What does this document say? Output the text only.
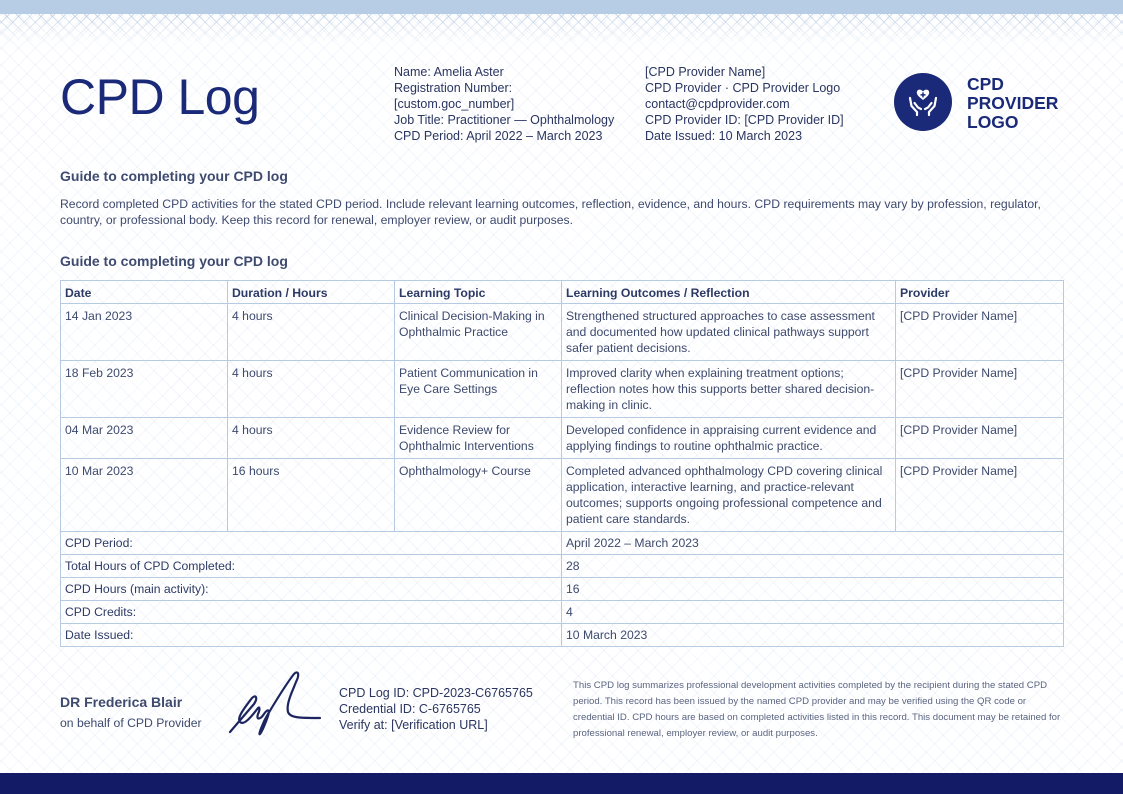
CPD Log	Name: Amelia Aster
Registration Number:
[custom.goc_number]
Job Title: Practitioner — Ophthalmology
CPD Period: April 2022 – March 2023
[CPD Provider Name]
CPD Provider · CPD Provider Logo
contact@cpdprovider.com
CPD Provider ID: [CPD Provider ID]
Date Issued: 10 March 2023
CPD
PROVIDER
LOGO
Guide to completing your CPD log
Record completed CPD activities for the stated CPD period. Include relevant learning outcomes, reflection, evidence, and hours. CPD requirements may vary by profession, regulator, country, or professional body. Keep this record for renewal, employer review, or audit purposes.
Guide to completing your CPD log
Date	Duration / Hours	Learning Topic	Learning Outcomes / Reflection	Provider
14 Jan 2023	4 hours	Clinical Decision-Making in Ophthalmic Practice	Strengthened structured approaches to case assessment and documented how updated clinical pathways support safer patient decisions.	[CPD Provider Name]
18 Feb 2023	4 hours	Patient Communication in Eye Care Settings	Improved clarity when explaining treatment options; reflection notes how this supports better shared decision-making in clinic.	[CPD Provider Name]
04 Mar 2023	4 hours	Evidence Review for Ophthalmic Interventions	Developed confidence in appraising current evidence and applying findings to routine ophthalmic practice.	[CPD Provider Name]
10 Mar 2023	16 hours	Ophthalmology+ Course	Completed advanced ophthalmology CPD covering clinical application, interactive learning, and practice-relevant outcomes; supports ongoing professional competence and patient care standards.	[CPD Provider Name]
CPD Period:			April 2022 – March 2023	
Total Hours of CPD Completed:			28	
CPD Hours (main activity):			16	
CPD Credits:			4	
Date Issued:			10 March 2023	
DR Frederica Blair
on behalf of CPD Provider
CPD Log ID: CPD-2023-C6765765
Credential ID: C-6765765
Verify at: [Verification URL]
This CPD log summarizes professional development activities completed by the recipient during the stated CPD period. This record has been issued by the named CPD provider and may be verified using the QR code or credential ID. CPD hours are based on completed activities listed in this record. This document may be retained for professional renewal, employer review, or audit purposes.
